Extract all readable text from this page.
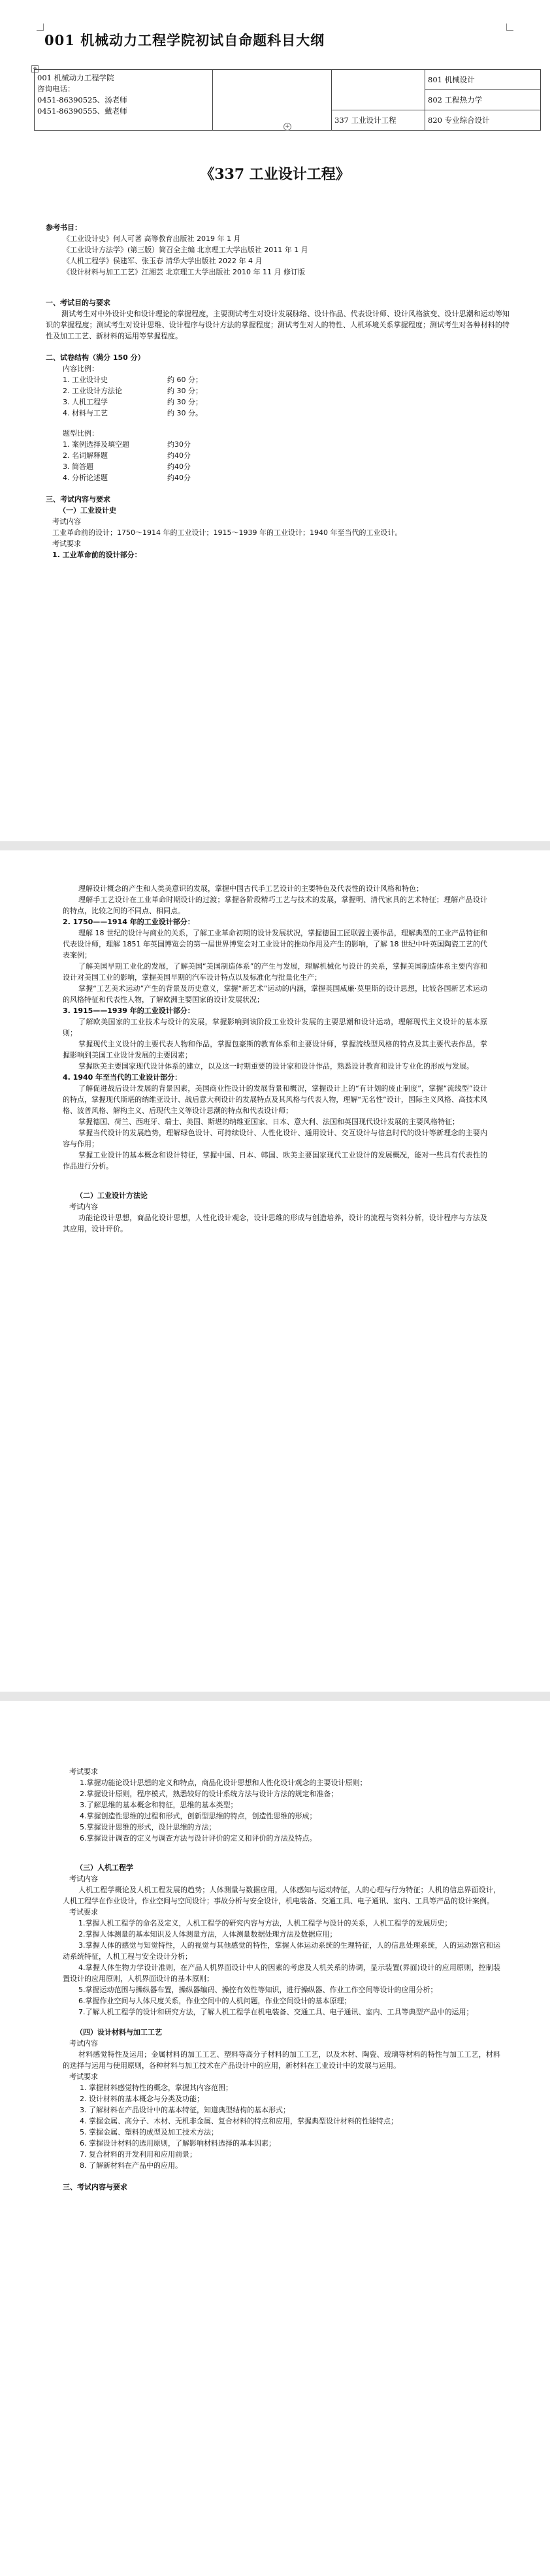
001 机械动力工程学院初试自命题科目大纲
✥
001 机械动力工程学院
咨询电话：
0451-86390525、汤老师
0451-86390555、戴老师			801 机械设计
			802 工程热力学
		337 工业设计工程	820 专业综合设计
+
《337 工业设计工程》
参考书目：
《工业设计史》何人可著 高等教育出版社 2019 年 1 月
《工业设计方法学》(第三版）简召全主编 北京理工大学出版社 2011 年 1 月
《人机工程学》侯建军、张玉春 清华大学出版社 2022 年 4 月
《设计材料与加工工艺》江湘芸 北京理工大学出版社 2010 年 11 月 修订版
一、考试目的与要求
测试考生对中外设计史和设计理论的掌握程度，主要测试考生对设计发展脉络、设计作品、代表设计师、设计风格演变、设计思潮和运动等知识的掌握程度；测试考生对设计思维、设计程序与设计方法的掌握程度；测试考生对人的特性、人机环境关系掌握程度；测试考生对各种材料的特性及加工工艺、新材料的运用等掌握程度。
二、试卷结构（满分 150 分）
内容比例：
1. 工业设计史	约 60 分；
2. 工业设计方法论	约 30 分；
3. 人机工程学	约 30 分；
4. 材料与工艺	约 30 分。
题型比例：
1. 案例选择及填空题	约30分
2. 名词解释题	约40分
3. 简答题	约40分
4. 分析论述题	约40分
三、考试内容与要求
（一）工业设计史
考试内容
工业革命前的设计；1750～1914 年的工业设计；1915～1939 年的工业设计；1940 年至当代的工业设计。
考试要求
1. 工业革命前的设计部分：
理解设计概念的产生和人类美意识的发展，掌握中国古代手工艺设计的主要特色及代表性的设计风格和特色；
理解手工艺设计在工业革命时期设计的过渡；掌握各阶段精巧工艺与技术的发展，掌握明、清代家具的艺术特征；理解产品设计的特点，比较之间的不同点、相同点。
2. 1750——1914 年的工业设计部分：
理解 18 世纪的设计与商业的关系，了解工业革命初期的设计发展状况，掌握德国工匠联盟主要作品，理解典型的工业产品特征和代表设计师，理解 1851 年英国博览会的第一届世界博览会对工业设计的推动作用及产生的影响，了解 18 世纪中叶英国陶瓷工艺的代表案例；
了解美国早期工业化的发展，了解美国“美国制造体系”的产生与发展，理解机械化与设计的关系，掌握美国制造体系主要内容和设计对美国工业的影响，掌握美国早期的汽车设计特点以及标准化与批量化生产；
掌握“工艺美术运动”产生的背景及历史意义，掌握“新艺术”运动的内涵，掌握英国威廉·莫里斯的设计思想，比较各国新艺术运动的风格特征和代表性人物，了解欧洲主要国家的设计发展状况；
3. 1915——1939 年的工业设计部分：
了解欧美国家的工业技术与设计的发展，掌握影响到该阶段工业设计发展的主要思潮和设计运动，理解现代主义设计的基本原则；
掌握现代主义设计的主要代表人物和作品，掌握包豪斯的教育体系和主要设计师，掌握流线型风格的特点及其主要代表作品，掌握影响到美国工业设计发展的主要因素；
掌握欧美主要国家现代设计体系的建立，以及这一时期重要的设计家和设计作品，熟悉设计教育和设计专业化的形成与发展。
4. 1940 年至当代的工业设计部分：
了解促进战后设计发展的背景因素，美国商业性设计的发展背景和概况，掌握设计上的“有计划的废止制度”，掌握“流线型”设计的特点，掌握现代斯堪的纳维亚设计、战后意大利设计的发展特点及其风格与代表人物，理解“无名性”设计，国际主义风格、高技术风格、波普风格、解构主义、后现代主义等设计思潮的特点和代表设计师；
掌握德国、荷兰、西班牙、瑞士、美国、斯堪的纳维亚国家、日本、意大利、法国和英国现代设计发展的主要风格特征；
掌握当代设计的发展趋势，理解绿色设计、可持续设计、人性化设计、通用设计、交互设计与信息时代的设计等新理念的主要内容与作用；
掌握工业设计的基本概念和设计特征，掌握中国、日本、韩国、欧美主要国家现代工业设计的发展概况，能对一些具有代表性的作品进行分析。
（二）工业设计方法论
考试内容
功能论设计思想，商品化设计思想，人性化设计观念，设计思维的形成与创造培养，设计的流程与资料分析，设计程序与方法及其应用，设计评价。
考试要求
1.掌握功能论设计思想的定义和特点，商品化设计思想和人性化设计观念的主要设计原则；
2.掌握设计原则，程序模式，熟悉较好的设计系统方法与设计方法的规定和准备；
3.了解思维的基本概念和特征，思维的基本类型；
4.掌握创造性思维的过程和形式，创新型思维的特点，创造性思维的形成；
5.掌握设计思维的形式，设计思维的方法；
6.掌握设计调查的定义与调查方法与设计评价的定义和评价的方法及特点。
（三）人机工程学
考试内容
人机工程学概论及人机工程发展的趋势；人体测量与数据应用，人体感知与运动特征，人的心理与行为特征；人机的信息界面设计，人机工程学在作业设计，作业空间与空间设计；事故分析与安全设计，机电装备、交通工具、电子通讯、室内、工具等产品的设计案例。
考试要求
1.掌握人机工程学的命名及定义，人机工程学的研究内容与方法，人机工程学与设计的关系，人机工程学的发展历史；
2.掌握人体测量的基本知识及人体测量方法，人体测量数据处理方法及数据应用；
3.掌握人体的感觉与知觉特性，人的视觉与其他感觉的特性，掌握人体运动系统的生理特征，人的信息处理系统，人的运动器官和运动系统特征，人机工程与安全设计分析；
4.掌握人体生物力学设计准则，在产品人机界面设计中人的因素的考虑及人机关系的协调，显示装置(界面)设计的应用原则，控制装置设计的应用原则，人机界面设计的基本原则；
5.掌握运动范围与操纵器布置，操纵器编码、操控有效性等知识，进行操纵器、作业工作空间等设计的应用分析；
6.掌握作业空间与人体尺度关系，作业空间中的人机问题，作业空间设计的基本原理；
7.了解人机工程学的设计和研究方法，了解人机工程学在机电装备、交通工具、电子通讯、室内、工具等典型产品中的运用；
（四）设计材料与加工工艺
考试内容
材料感觉特性及运用；金属材料的加工工艺、塑料等高分子材料的加工工艺，以及木材、陶瓷、玻璃等材料的特性与加工工艺，材料的选择与运用与使用原则，各种材料与加工技术在产品设计中的应用，新材料在工业设计中的发展与运用。
考试要求
1. 掌握材料感觉特性的概念，掌握其内容范围；
2. 设计材料的基本概念与分类及功能；
3. 了解材料在产品设计中的基本特征，知道典型结构的基本形式；
4. 掌握金属、高分子、木材、无机非金属、复合材料的特点和应用，掌握典型设计材料的性能特点；
5. 掌握金属、塑料的成型及加工技术方法；
6. 掌握设计材料的选用原则，了解影响材料选择的基本因素；
7. 复合材料的开发利用和应用前景；
8. 了解新材料在产品中的应用。
三、考试内容与要求
